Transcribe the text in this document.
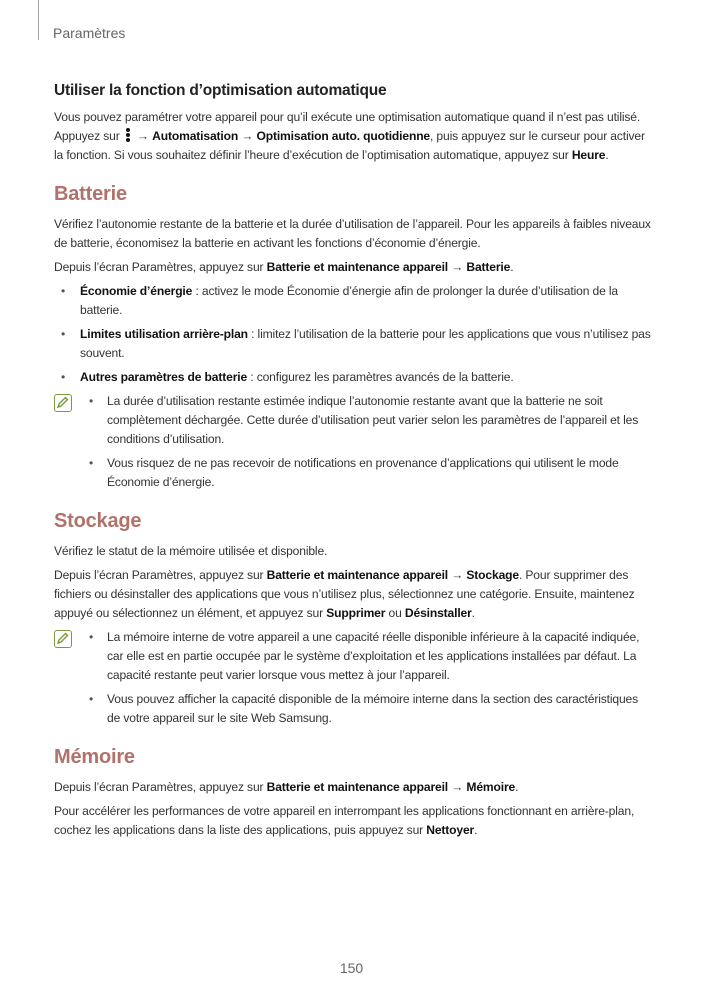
Paramètres
Utiliser la fonction d’optimisation automatique

Vous pouvez paramétrer votre appareil pour qu’il exécute une optimisation automatique quand il n’est pas utilisé. Appuyez sur
→ Automatisation → Optimisation auto. quotidienne, puis appuyez sur le curseur pour activer la fonction. Si vous souhaitez définir l’heure d’exécution de l’optimisation automatique, appuyez sur Heure.

Batterie

Vérifiez l’autonomie restante de la batterie et la durée d’utilisation de l’appareil. Pour les appareils à faibles niveaux de batterie, économisez la batterie en activant les fonctions d’économie d’énergie.

Depuis l’écran Paramètres, appuyez sur Batterie et maintenance appareil → Batterie.

• Économie d’énergie : activez le mode Économie d’énergie afin de prolonger la durée d’utilisation de la batterie.
• Limites utilisation arrière-plan : limitez l’utilisation de la batterie pour les applications que vous n’utilisez pas souvent.
• Autres paramètres de batterie : configurez les paramètres avancés de la batterie.
• La durée d’utilisation restante estimée indique l’autonomie restante avant que la batterie ne soit complètement déchargée. Cette durée d’utilisation peut varier selon les paramètres de l’appareil et les conditions d’utilisation.
• Vous risquez de ne pas recevoir de notifications en provenance d’applications qui utilisent le mode Économie d’énergie.
Stockage

Vérifiez le statut de la mémoire utilisée et disponible.

Depuis l’écran Paramètres, appuyez sur Batterie et maintenance appareil → Stockage. Pour supprimer des fichiers ou désinstaller des applications que vous n’utilisez plus, sélectionnez une catégorie. Ensuite, maintenez appuyé ou sélectionnez un élément, et appuyez sur Supprimer ou Désinstaller.

• La mémoire interne de votre appareil a une capacité réelle disponible inférieure à la capacité indiquée, car elle est en partie occupée par le système d’exploitation et les applications installées par défaut. La capacité restante peut varier lorsque vous mettez à jour l’appareil.
• Vous pouvez afficher la capacité disponible de la mémoire interne dans la section des caractéristiques de votre appareil sur le site Web Samsung.
Mémoire

Depuis l’écran Paramètres, appuyez sur Batterie et maintenance appareil → Mémoire.

Pour accélérer les performances de votre appareil en interrompant les applications fonctionnant en arrière-plan, cochez les applications dans la liste des applications, puis appuyez sur Nettoyer.

150
